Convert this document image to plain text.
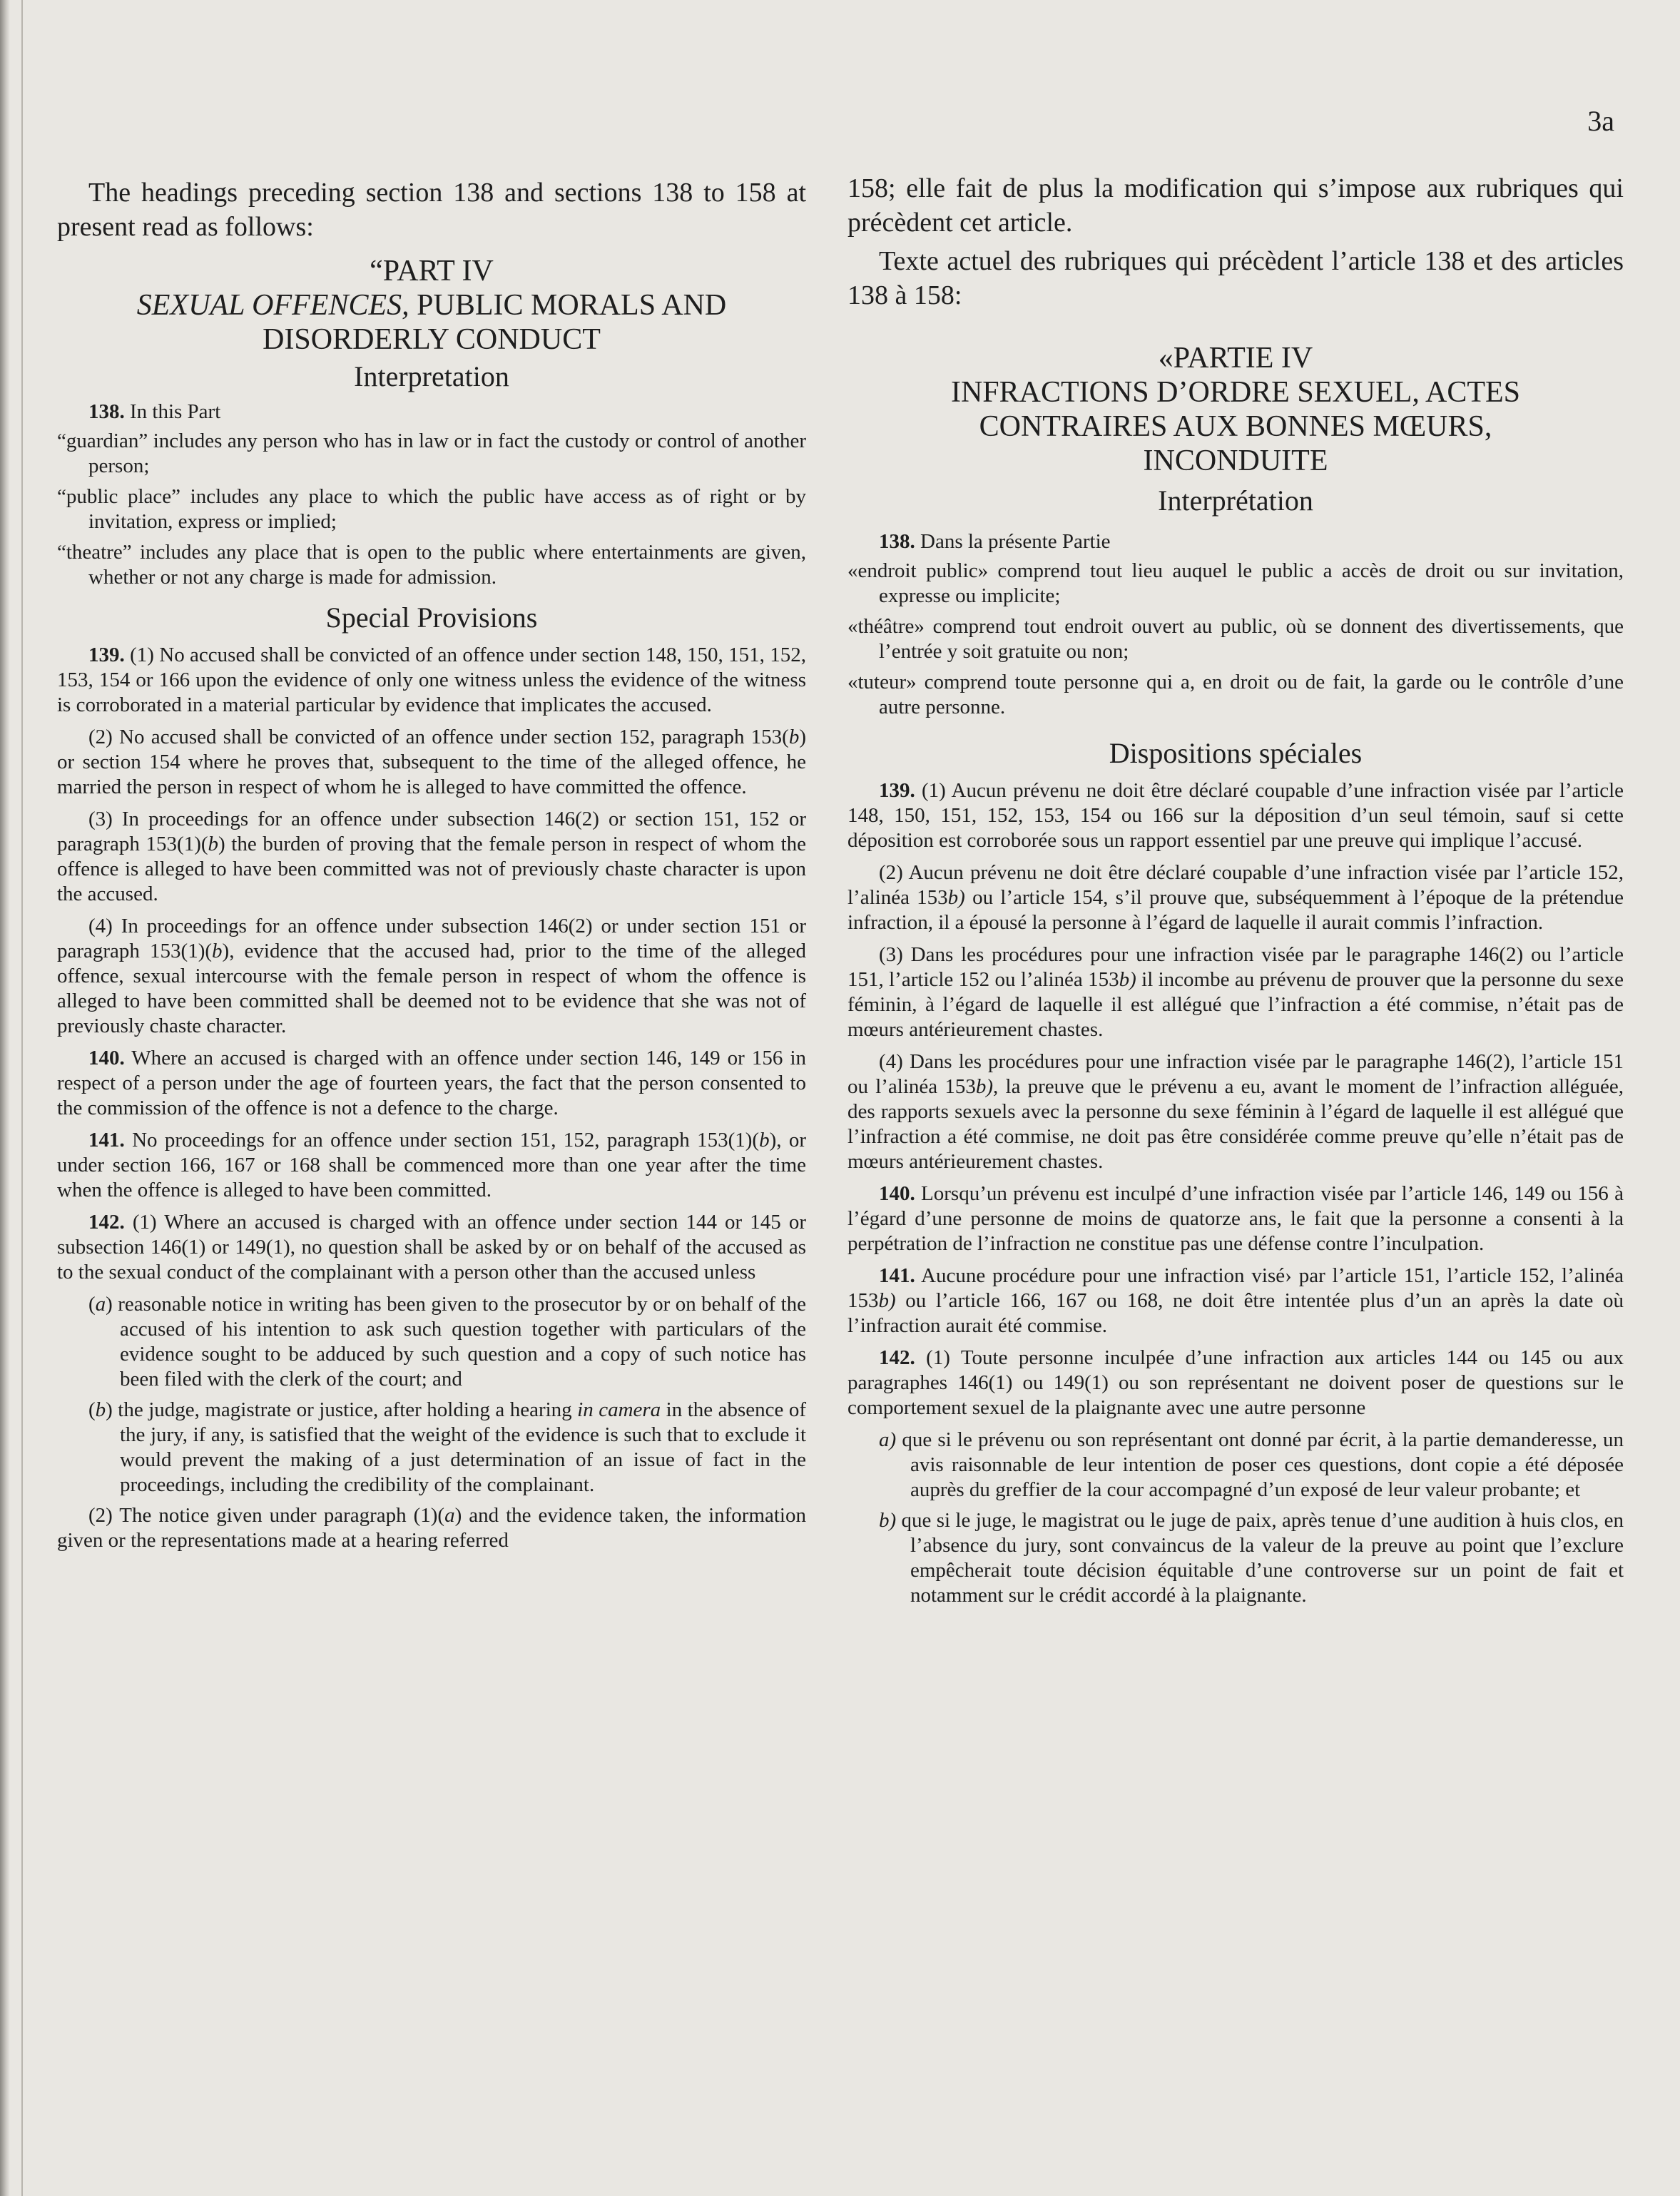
3a

The headings preceding section 138 and sections 138 to 158 at present read as follows:

“PART IV
SEXUAL OFFENCES, PUBLIC MORALS AND
DISORDERLY CONDUCT
Interpretation

138. In this Part

“guardian” includes any person who has in law or in fact the custody or control of another person;

“public place” includes any place to which the public have access as of right or by invitation, express or implied;

“theatre” includes any place that is open to the public where entertainments are given, whether or not any charge is made for admission.

Special Provisions

139. (1) No accused shall be convicted of an offence under section 148, 150, 151, 152, 153, 154 or 166 upon the evidence of only one witness unless the evidence of the witness is corroborated in a material particular by evidence that implicates the accused.

(2) No accused shall be convicted of an offence under section 152, paragraph 153(b) or section 154 where he proves that, subsequent to the time of the alleged offence, he married the person in respect of whom he is alleged to have committed the offence.

(3) In proceedings for an offence under subsection 146(2) or section 151, 152 or paragraph 153(1)(b) the burden of proving that the female person in respect of whom the offence is alleged to have been committed was not of previously chaste character is upon the accused.

(4) In proceedings for an offence under subsection 146(2) or under section 151 or paragraph 153(1)(b), evidence that the accused had, prior to the time of the alleged offence, sexual intercourse with the female person in respect of whom the offence is alleged to have been committed shall be deemed not to be evidence that she was not of previously chaste character.

140. Where an accused is charged with an offence under section 146, 149 or 156 in respect of a person under the age of fourteen years, the fact that the person consented to the commission of the offence is not a defence to the charge.

141. No proceedings for an offence under section 151, 152, paragraph 153(1)(b), or under section 166, 167 or 168 shall be commenced more than one year after the time when the offence is alleged to have been committed.

142. (1) Where an accused is charged with an offence under section 144 or 145 or subsection 146(1) or 149(1), no question shall be asked by or on behalf of the accused as to the sexual conduct of the complainant with a person other than the accused unless

(a) reasonable notice in writing has been given to the prosecutor by or on behalf of the accused of his intention to ask such question together with particulars of the evidence sought to be adduced by such question and a copy of such notice has been filed with the clerk of the court; and

(b) the judge, magistrate or justice, after holding a hearing in camera in the absence of the jury, if any, is satisfied that the weight of the evidence is such that to exclude it would prevent the making of a just determination of an issue of fact in the proceedings, including the credibility of the complainant.

(2) The notice given under paragraph (1)(a) and the evidence taken, the information given or the representations made at a hearing referred

158; elle fait de plus la modification qui s’impose aux rubriques qui précèdent cet article.

Texte actuel des rubriques qui précèdent l’article 138 et des articles 138 à 158:

«PARTIE IV
INFRACTIONS D’ORDRE SEXUEL, ACTES
CONTRAIRES AUX BONNES MŒURS,
INCONDUITE
Interprétation

138. Dans la présente Partie

«endroit public» comprend tout lieu auquel le public a accès de droit ou sur invitation, expresse ou implicite;

«théâtre» comprend tout endroit ouvert au public, où se donnent des divertissements, que l’entrée y soit gratuite ou non;

«tuteur» comprend toute personne qui a, en droit ou de fait, la garde ou le contrôle d’une autre personne.

Dispositions spéciales

139. (1) Aucun prévenu ne doit être déclaré coupable d’une infraction visée par l’article 148, 150, 151, 152, 153, 154 ou 166 sur la déposition d’un seul témoin, sauf si cette déposition est corroborée sous un rapport essentiel par une preuve qui implique l’accusé.

(2) Aucun prévenu ne doit être déclaré coupable d’une infraction visée par l’article 152, l’alinéa 153b) ou l’article 154, s’il prouve que, subséquemment à l’époque de la prétendue infraction, il a épousé la personne à l’égard de laquelle il aurait commis l’infraction.

(3) Dans les procédures pour une infraction visée par le paragraphe 146(2) ou l’article 151, l’article 152 ou l’alinéa 153b) il incombe au prévenu de prouver que la personne du sexe féminin, à l’égard de laquelle il est allégué que l’infraction a été commise, n’était pas de mœurs antérieurement chastes.

(4) Dans les procédures pour une infraction visée par le paragraphe 146(2), l’article 151 ou l’alinéa 153b), la preuve que le prévenu a eu, avant le moment de l’infraction alléguée, des rapports sexuels avec la personne du sexe féminin à l’égard de laquelle il est allégué que l’infraction a été commise, ne doit pas être considérée comme preuve qu’elle n’était pas de mœurs antérieurement chastes.

140. Lorsqu’un prévenu est inculpé d’une infraction visée par l’article 146, 149 ou 156 à l’égard d’une personne de moins de quatorze ans, le fait que la personne a consenti à la perpétration de l’infraction ne constitue pas une défense contre l’inculpation.

141. Aucune procédure pour une infraction visé› par l’article 151, l’article 152, l’alinéa 153b) ou l’article 166, 167 ou 168, ne doit être intentée plus d’un an après la date où l’infraction aurait été commise.

142. (1) Toute personne inculpée d’une infraction aux articles 144 ou 145 ou aux paragraphes 146(1) ou 149(1) ou son représentant ne doivent poser de questions sur le comportement sexuel de la plaignante avec une autre personne

a) que si le prévenu ou son représentant ont donné par écrit, à la partie demanderesse, un avis raisonnable de leur intention de poser ces questions, dont copie a été déposée auprès du greffier de la cour accompagné d’un exposé de leur valeur probante; et

b) que si le juge, le magistrat ou le juge de paix, après tenue d’une audition à huis clos, en l’absence du jury, sont convaincus de la valeur de la preuve au point que l’exclure empêcherait toute décision équitable d’une controverse sur un point de fait et notamment sur le crédit accordé à la plaignante.
